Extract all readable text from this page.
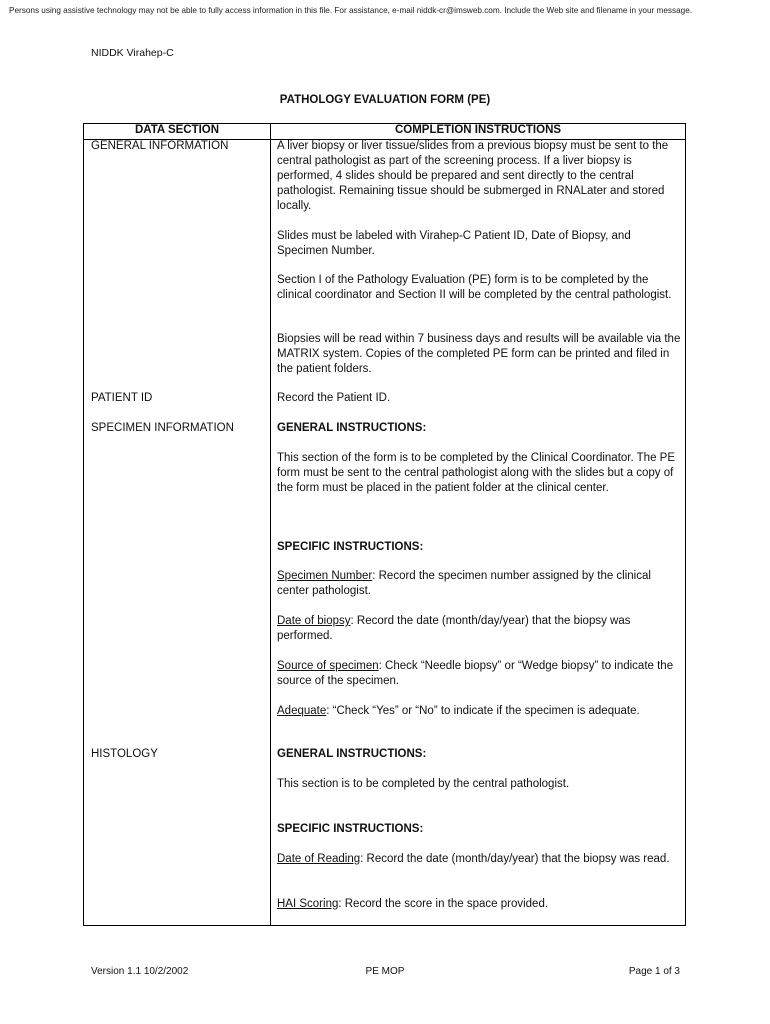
Persons using assistive technology may not be able to fully access information in this file. For assistance, e-mail niddk-cr@imsweb.com. Include the Web site and filename in your message.
NIDDK Virahep-C
PATHOLOGY EVALUATION FORM (PE)
DATA SECTION	COMPLETION INSTRUCTIONS
GENERAL INFORMATION	A liver biopsy or liver tissue/slides from a previous biopsy must be sent to the central pathologist as part of the screening process. If a liver biopsy is performed, 4 slides should be prepared and sent directly to the central pathologist. Remaining tissue should be submerged in RNALater and stored locally.
Slides must be labeled with Virahep-C Patient ID, Date of Biopsy, and Specimen Number.
Section I of the Pathology Evaluation (PE) form is to be completed by the clinical coordinator and Section II will be completed by the central pathologist.
Biopsies will be read within 7 business days and results will be available via the MATRIX system. Copies of the completed PE form can be printed and filed in the patient folders.
PATIENT ID	Record the Patient ID.
SPECIMEN INFORMATION	GENERAL INSTRUCTIONS:
This section of the form is to be completed by the Clinical Coordinator. The PE form must be sent to the central pathologist along with the slides but a copy of the form must be placed in the patient folder at the clinical center.
SPECIFIC INSTRUCTIONS:
Specimen Number: Record the specimen number assigned by the clinical center pathologist.
Date of biopsy: Record the date (month/day/year) that the biopsy was performed.
Source of specimen: Check “Needle biopsy” or “Wedge biopsy” to indicate the source of the specimen.
Adequate: “Check “Yes” or “No” to indicate if the specimen is adequate.
HISTOLOGY	GENERAL INSTRUCTIONS:
This section is to be completed by the central pathologist.
SPECIFIC INSTRUCTIONS:
Date of Reading: Record the date (month/day/year) that the biopsy was read.
HAI Scoring: Record the score in the space provided.
Version 1.1 10/2/2002	PE MOP	Page 1 of 3
